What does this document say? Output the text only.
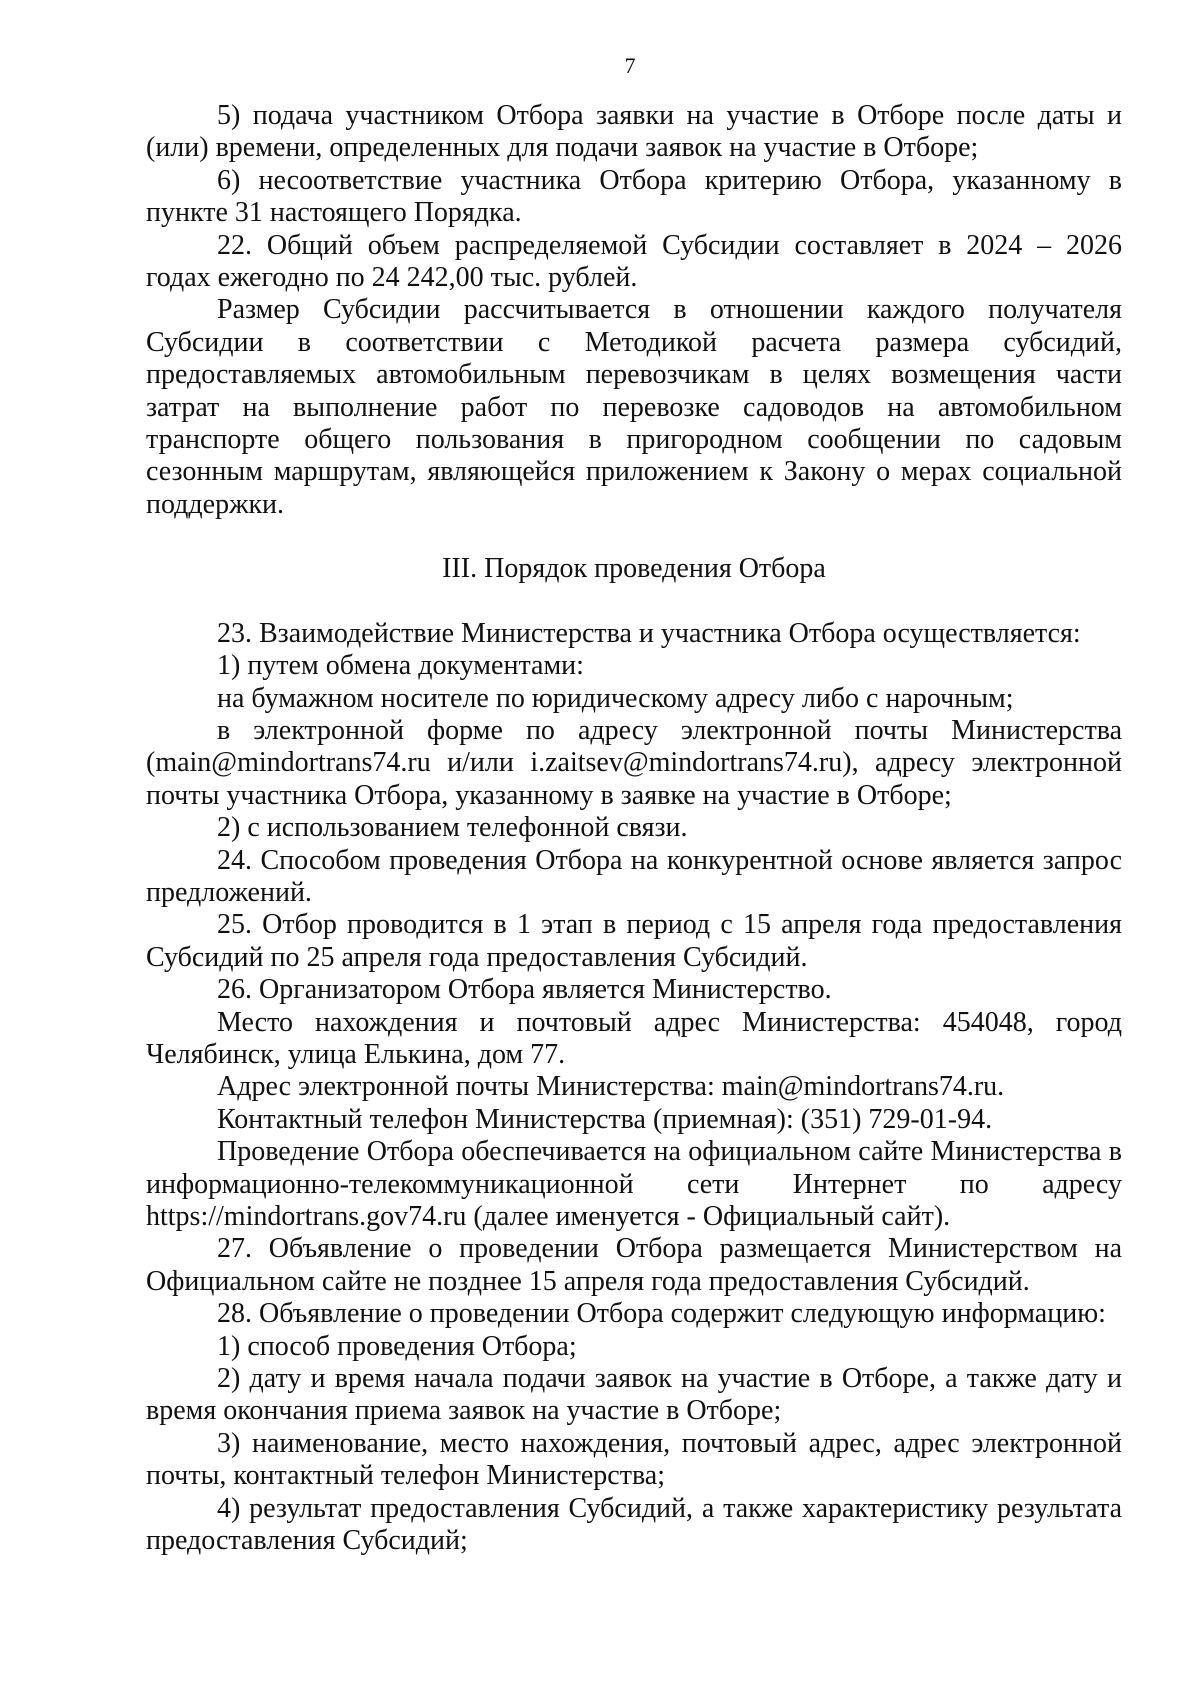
7

5) подача участником Отбора заявки на участие в Отборе после даты и (или) времени, определенных для подачи заявок на участие в Отборе;

6) несоответствие участника Отбора критерию Отбора, указанному в пункте 31 настоящего Порядка.

22. Общий объем распределяемой Субсидии составляет в 2024 – 2026 годах ежегодно по 24 242,00 тыс. рублей.

Размер Субсидии рассчитывается в отношении каждого получателя Субсидии в соответствии с Методикой расчета размера субсидий, предоставляемых автомобильным перевозчикам в целях возмещения части затрат на выполнение работ по перевозке садоводов на автомобильном транспорте общего пользования в пригородном сообщении по садовым сезонным маршрутам, являющейся приложением к Закону о мерах социальной поддержки.

III. Порядок проведения Отбора

23. Взаимодействие Министерства и участника Отбора осуществляется:

1) путем обмена документами:

на бумажном носителе по юридическому адресу либо с нарочным;

в электронной форме по адресу электронной почты Министерства (main@mindortrans74.ru и/или i.zaitsev@mindortrans74.ru), адресу электронной почты участника Отбора, указанному в заявке на участие в Отборе;

2) с использованием телефонной связи.

24. Способом проведения Отбора на конкурентной основе является запрос предложений.

25. Отбор проводится в 1 этап в период с 15 апреля года предоставления Субсидий по 25 апреля года предоставления Субсидий.

26. Организатором Отбора является Министерство.

Место нахождения и почтовый адрес Министерства: 454048, город Челябинск, улица Елькина, дом 77.

Адрес электронной почты Министерства: main@mindortrans74.ru.

Контактный телефон Министерства (приемная): (351) 729-01-94.

Проведение Отбора обеспечивается на официальном сайте Министерства в информационно-телекоммуникационной сети Интернет по адресу https://mindortrans.gov74.ru (далее именуется - Официальный сайт).

27. Объявление о проведении Отбора размещается Министерством на Официальном сайте не позднее 15 апреля года предоставления Субсидий.

28. Объявление о проведении Отбора содержит следующую информацию:

1) способ проведения Отбора;

2) дату и время начала подачи заявок на участие в Отборе, а также дату и время окончания приема заявок на участие в Отборе;

3) наименование, место нахождения, почтовый адрес, адрес электронной почты, контактный телефон Министерства;

4) результат предоставления Субсидий, а также характеристику результата предоставления Субсидий;
